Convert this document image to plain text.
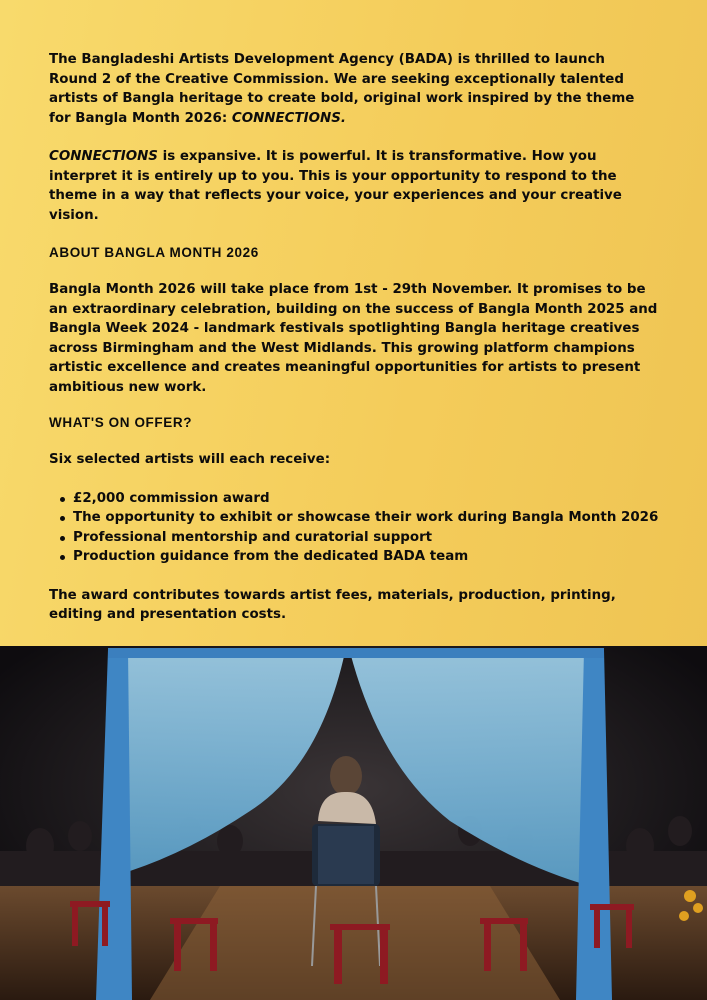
The Bangladeshi Artists Development Agency (BADA) is thrilled to launch Round 2 of the Creative Commission. We are seeking exceptionally talented artists of Bangla heritage to create bold, original work inspired by the theme for Bangla Month 2026: CONNECTIONS.

CONNECTIONS is expansive. It is powerful. It is transformative. How you interpret it is entirely up to you. This is your opportunity to respond to the theme in a way that reflects your voice, your experiences and your creative vision.

ABOUT BANGLA MONTH 2026

Bangla Month 2026 will take place from 1st - 29th November. It promises to be an extraordinary celebration, building on the success of Bangla Month 2025 and Bangla Week 2024 - landmark festivals spotlighting Bangla heritage creatives across Birmingham and the West Midlands. This growing platform champions artistic excellence and creates meaningful opportunities for artists to present ambitious new work.

WHAT'S ON OFFER?

Six selected artists will each receive:

£2,000 commission award
The opportunity to exhibit or showcase their work during Bangla Month 2026
Professional mentorship and curatorial support
Production guidance from the dedicated BADA team

The award contributes towards artist fees, materials, production, printing, editing and presentation costs.
